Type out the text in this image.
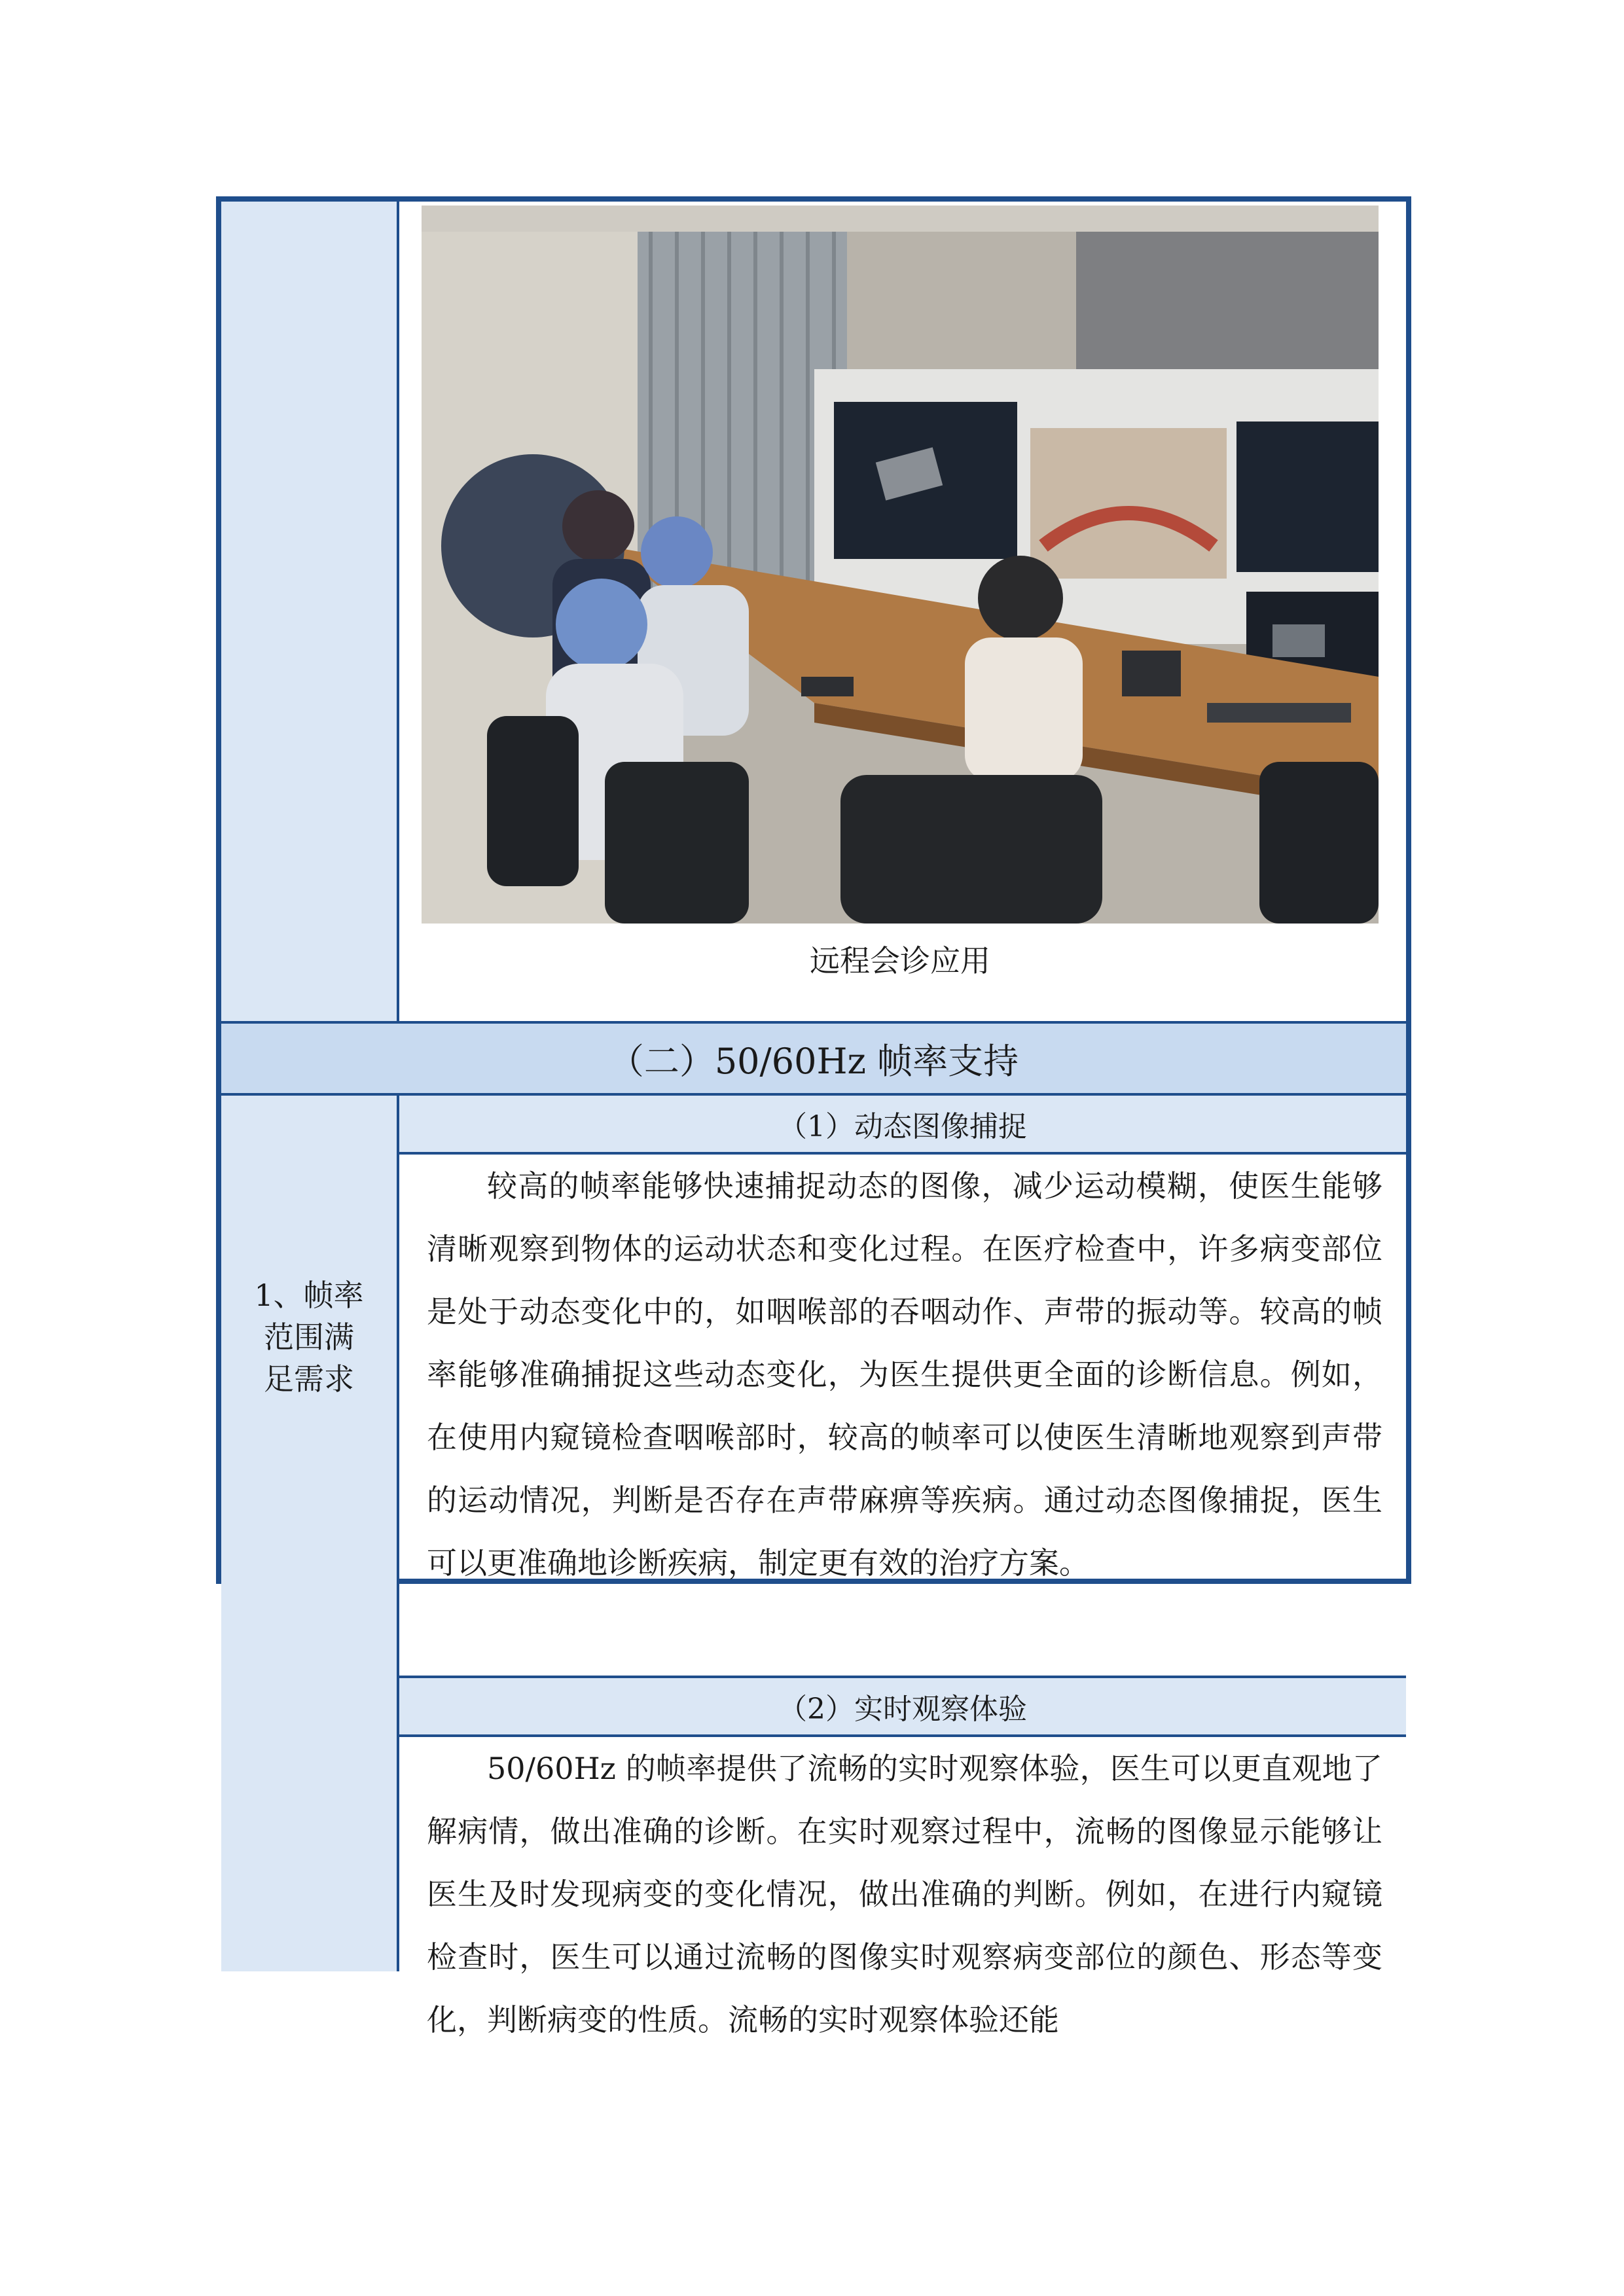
远程会诊应用
（二）50/60Hz 帧率支持
1、帧率
范围满
足需求
（1）动态图像捕捉

较高的帧率能够快速捕捉动态的图像，减少运动模糊，使医生能够清晰观察到物体的运动状态和变化过程。在医疗检查中，许多病变部位是处于动态变化中的，如咽喉部的吞咽动作、声带的振动等。较高的帧率能够准确捕捉这些动态变化，为医生提供更全面的诊断信息。例如，在使用内窥镜检查咽喉部时，较高的帧率可以使医生清晰地观察到声带的运动情况，判断是否存在声带麻痹等疾病。通过动态图像捕捉，医生可以更准确地诊断疾病，制定更有效的治疗方案。

（2）实时观察体验

50/60Hz 的帧率提供了流畅的实时观察体验，医生可以更直观地了解病情，做出准确的诊断。在实时观察过程中，流畅的图像显示能够让医生及时发现病变的变化情况，做出准确的判断。例如，在进行内窥镜检查时，医生可以通过流畅的图像实时观察病变部位的颜色、形态等变化，判断病变的性质。流畅的实时观察体验还能
